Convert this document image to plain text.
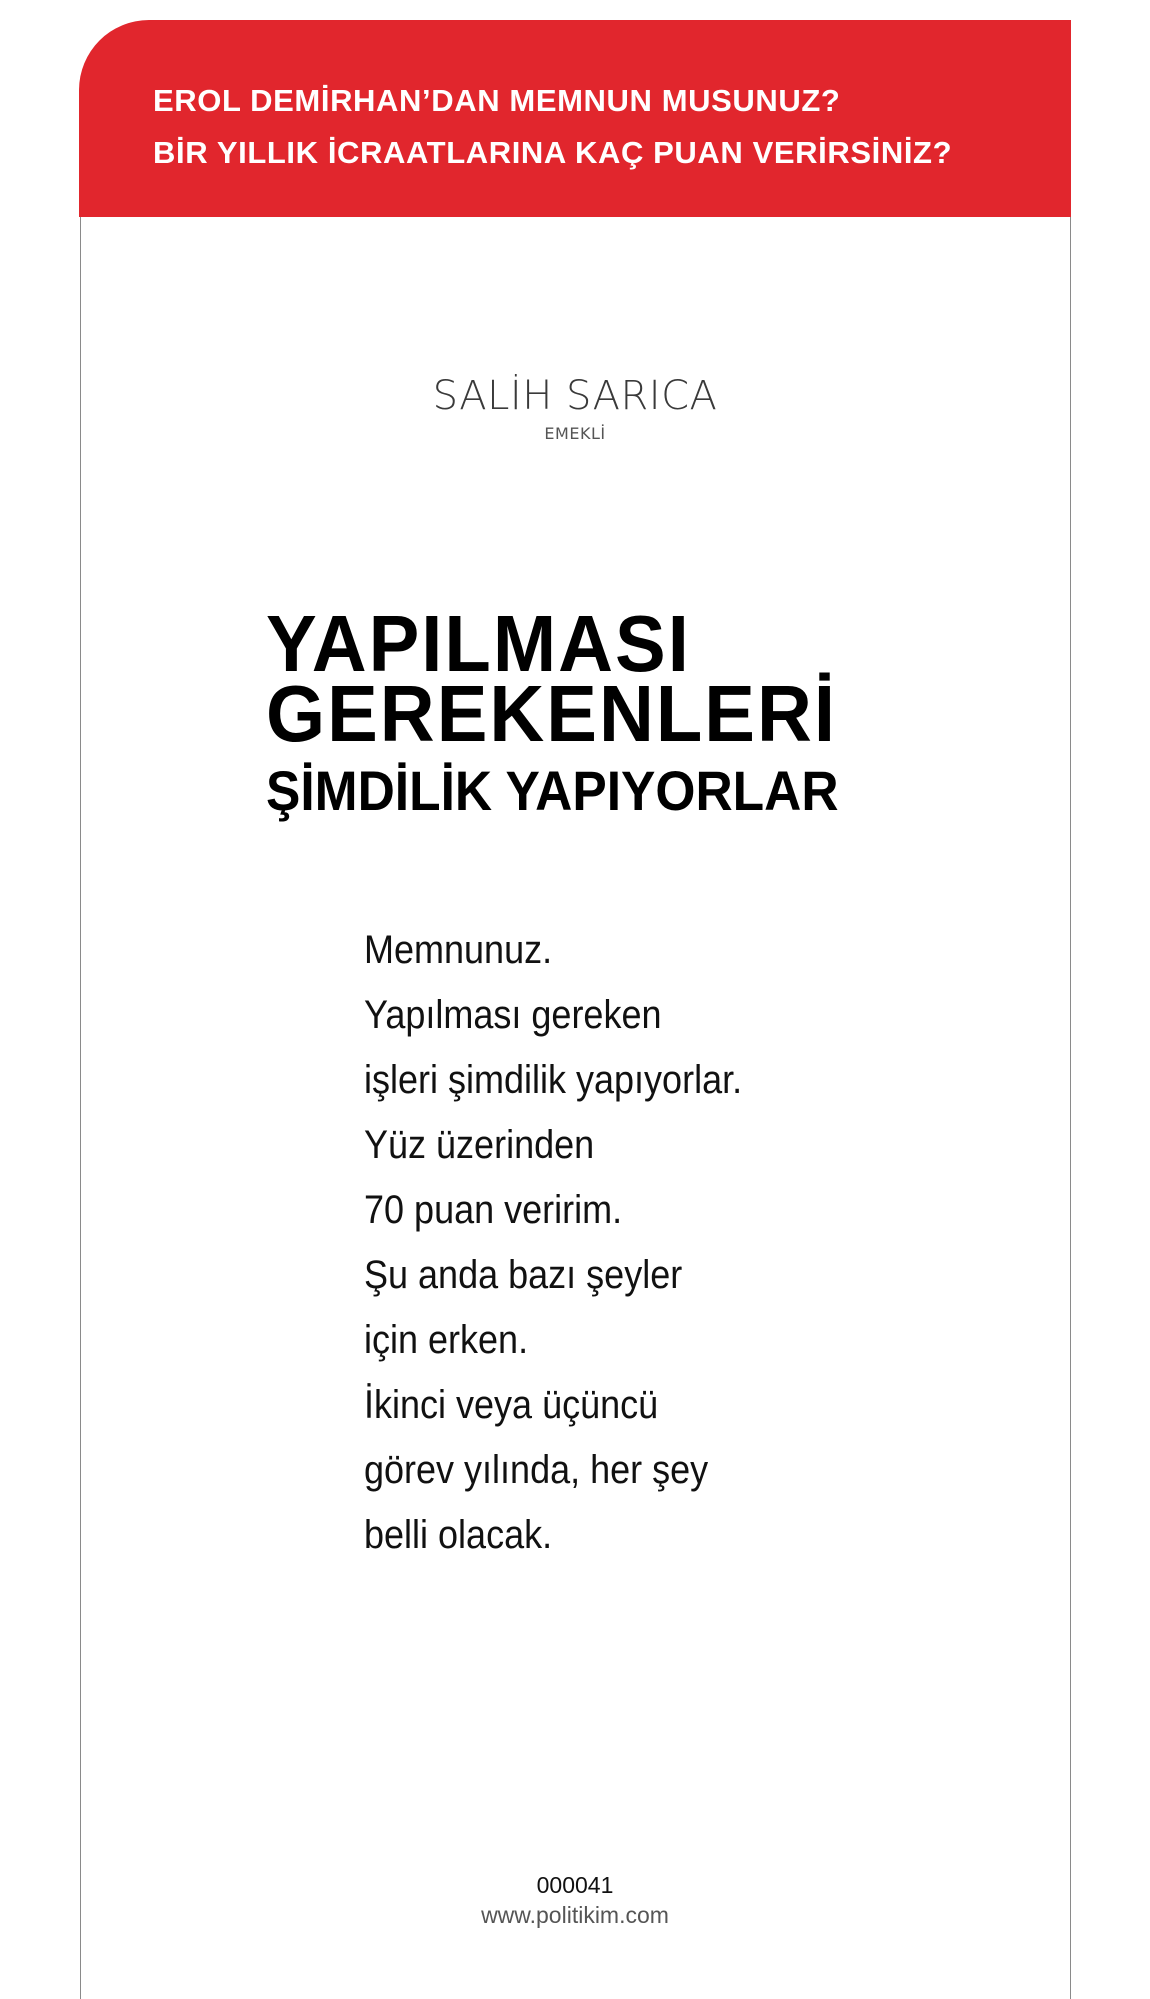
EROL DEMİRHAN’DAN MEMNUN MUSUNUZ?
BİR YILLIK İCRAATLARINA KAÇ PUAN VERİRSİNİZ?
SALİH SARICA
EMEKLİ
YAPILMASI
GEREKENLERİ
ŞİMDİLİK YAPIYORLAR
Memnunuz.
Yapılması gereken
işleri şimdilik yapıyorlar.
Yüz üzerinden
70 puan veririm.
Şu anda bazı şeyler
için erken.
İkinci veya üçüncü
görev yılında, her şey
belli olacak.
000041
www.politikim.com
